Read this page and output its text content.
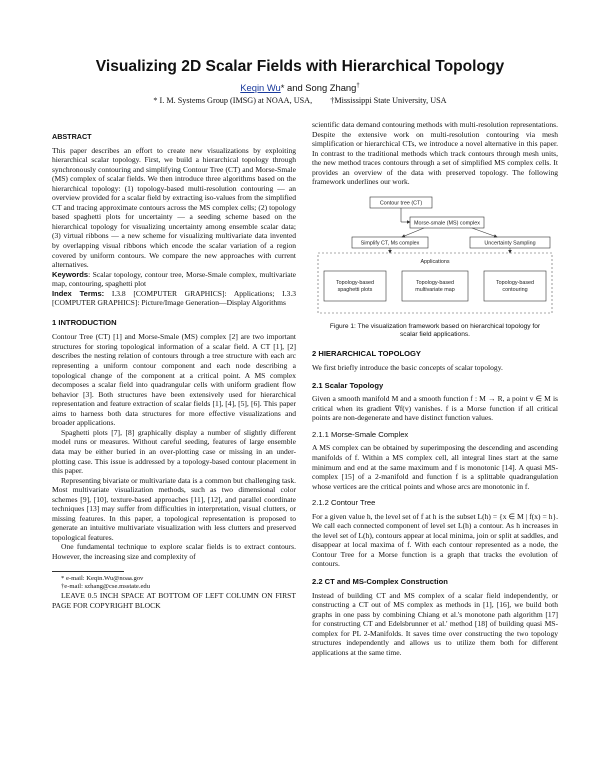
Visualizing 2D Scalar Fields with Hierarchical Topology
Keqin Wu* and Song Zhang†
* I. M. Systems Group (IMSG) at NOAA, USA, †Mississippi State University, USA
ABSTRACT

This paper describes an effort to create new visualizations by exploiting hierarchical scalar topology. First, we build a hierarchical topology through synchronously contouring and simplifying Contour Tree (CT) and Morse-Smale (MS) complex of scalar fields. We then introduce three algorithms based on the hierarchical topology: (1) topology-based multi-resolution contouring — an overview provided for a scalar field by extracting iso-values from the simplified CT and tracing approximate contours across the MS complex cells; (2) topology based spaghetti plots for uncertainty — a seeding scheme based on the hierarchical topology for visualizing uncertainty among ensemble scalar data; (3) virtual ribbons — a new scheme for visualizing multivariate data invented by overlapping visual ribbons which encode the scalar variation of a region covered by uniform contours. We compare the new approaches with current alternatives.

Keywords: Scalar topology, contour tree, Morse-Smale complex, multivariate map, contouring, spaghetti plot

Index Terms: I.3.8 [COMPUTER GRAPHICS]: Applications; I.3.3 [COMPUTER GRAPHICS]: Picture/Image Generation—Display Algorithms

1 INTRODUCTION

Contour Tree (CT) [1] and Morse-Smale (MS) complex [2] are two important structures for storing topological information of a scalar field. A CT [1], [2] describes the nesting relation of contours through a tree structure with each arc representing a uniform contour component and each node describing a topological change of the component at a critical point. A MS complex decomposes a scalar field into quadrangular cells with uniform gradient flow behavior [3]. Both structures have been extensively used for hierarchical representation and feature extraction of scalar fields [1], [4], [5], [6]. This paper aims to harness both data structures for more effective visualizations and broader applications.

Spaghetti plots [7], [8] graphically display a number of slightly different model runs or measures. Without careful seeding, features of large ensemble data may be either buried in an over-plotting case or missing in an under-plotting case. This issue is addressed by a topology-based contour placement in this paper.

Representing bivariate or multivariate data is a common but challenging task. Most multivariate visualization methods, such as two dimensional color schemes [9], [10], texture-based approaches [11], [12], and parallel coordinate techniques [13] may suffer from difficulties in interpretation, visual clutters, or missing features. In this paper, a topological representation is proposed to generate an intuitive multivariate visualization with less clutters and preserved topological features.

One fundamental technique to explore scalar fields is to extract contours. However, the increasing size and complexity of

* e-mail: Keqin.Wu@noaa.gov

†e-mail: szhang@cse.msstate.edu

LEAVE 0.5 INCH SPACE AT BOTTOM OF LEFT COLUMN ON FIRST PAGE FOR COPYRIGHT BLOCK

scientific data demand contouring methods with multi-resolution representations. Despite the extensive work on multi-resolution contouring via mesh simplification or hierarchical CTs, we introduce a novel alternative in this paper. In contrast to the traditional methods which track contours through mesh units, the new method traces contours through a set of simplified MS complex cells. It provides an overview of the data with preserved topology. The following framework underlines our work.

Contour tree (CT)
Morse-smale (MS) complex
Simplify CT, Ms complex	Uncertainty Sampling
Applications
Topology-based
spaghetti plots
Topology-based
multivariate map
Topology-based
contouring
Figure 1: The visualization framework based on hierarchical topology for scalar field applications.
2 HIERARCHICAL TOPOLOGY

We first briefly introduce the basic concepts of scalar topology.

2.1 Scalar Topology

Given a smooth manifold M and a smooth function f : M → R, a point v ∈ M is critical when its gradient ∇f(v) vanishes. f is a Morse function if all critical points are non-degenerate and have distinct function values.

2.1.1 Morse-Smale Complex

A MS complex can be obtained by superimposing the descending and ascending manifolds of f. Within a MS complex cell, all integral lines start at the same minimum and end at the same maximum and f is monotonic [14]. A quasi MS-complex [15] of a 2-manifold and function f is a splittable quadrangulation whose vertices are the critical points and whose arcs are monotonic in f.

2.1.2 Contour Tree

For a given value h, the level set of f at h is the subset L(h) = {x ∈ M | f(x) = h}. We call each connected component of level set L(h) a contour. As h increases in the level set of L(h), contours appear at local minima, join or split at saddles, and disappear at local maxima of f. With each contour represented as a node, the Contour Tree for a Morse function is a graph that tracks the evolution of contours.

2.2 CT and MS-Complex Construction

Instead of building CT and MS complex of a scalar field independently, or constructing a CT out of MS complex as methods in [1], [16], we build both graphs in one pass by combining Chiang et al.'s monotone path algorithm [17] for constructing CT and Edelsbrunner et al.' method [18] of building quasi MS-complex for PL 2-Manifolds. It saves time over constructing the two topology structures independently and allows us to utilize them both for different applications at the same time.
